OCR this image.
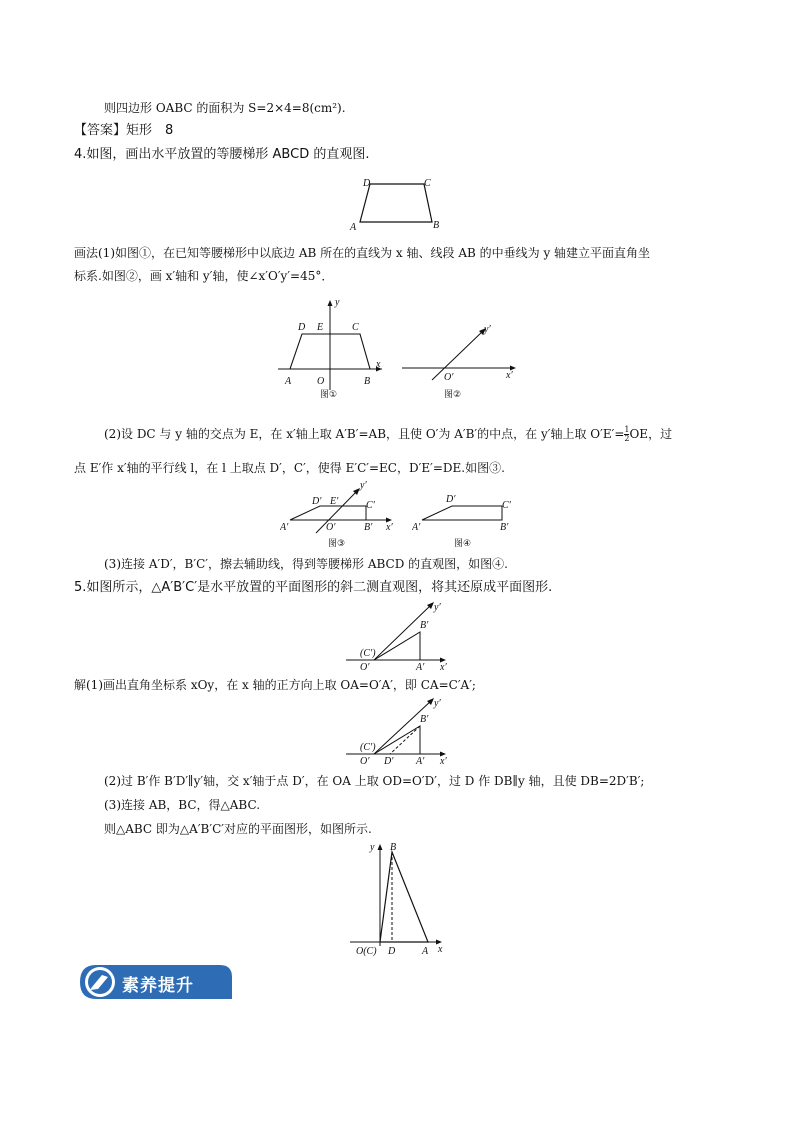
则四边形 OABC 的面积为 S=2×4=8(cm²).
【答案】矩形　8
4.如图，画出水平放置的等腰梯形 ABCD 的直观图.
D	C
A	B
画法(1)如图①，在已知等腰梯形中以底边 AB 所在的直线为 x 轴、线段 AB 的中垂线为 y 轴建立平面直角坐
标系.如图②，画 x′轴和 y′轴，使∠x′O′y′=45°．
y
x
D E	C
O
A	B
图①
y′
x′
O′
图②
(2)设 DC 与 y 轴的交点为 E，在 x′轴上取 A′B′=AB，且使 O′为 A′B′的中点，在 y′轴上取 $O'E'= \frac{1}{2}$ OE，过
点 E′作 x′轴的平行线 l，在 l 上取点 D′，C′，使得 E′C′=EC，D′E′=DE.如图③.
y′
x′
D′ E′	C′
A′	O′	B′
图③
D′
C′
A′	B′
图④
(3)连接 A′D′，B′C′，擦去辅助线，得到等腰梯形 ABCD 的直观图，如图④.
5.如图所示，△A′B′C′是水平放置的平面图形的斜二测直观图，将其还原成平面图形.
y′
x′
B′
(C′)
O′	A′
解(1)画出直角坐标系 xOy，在 x 轴的正方向上取 OA=O′A′，即 CA=C′A′;
y′
x′
B′
(C′)
O′ D′ A′
(2)过 B′作 B′D′∥y′轴，交 x′轴于点 D′，在 OA 上取 OD=O′D′，过 D 作 DB∥y 轴，且使 DB=2D′B′;
(3)连接 AB，BC，得△ABC.
则△ABC 即为△A′B′C′对应的平面图形，如图所示.
y
x
B
O(C) D	A
素养提升
